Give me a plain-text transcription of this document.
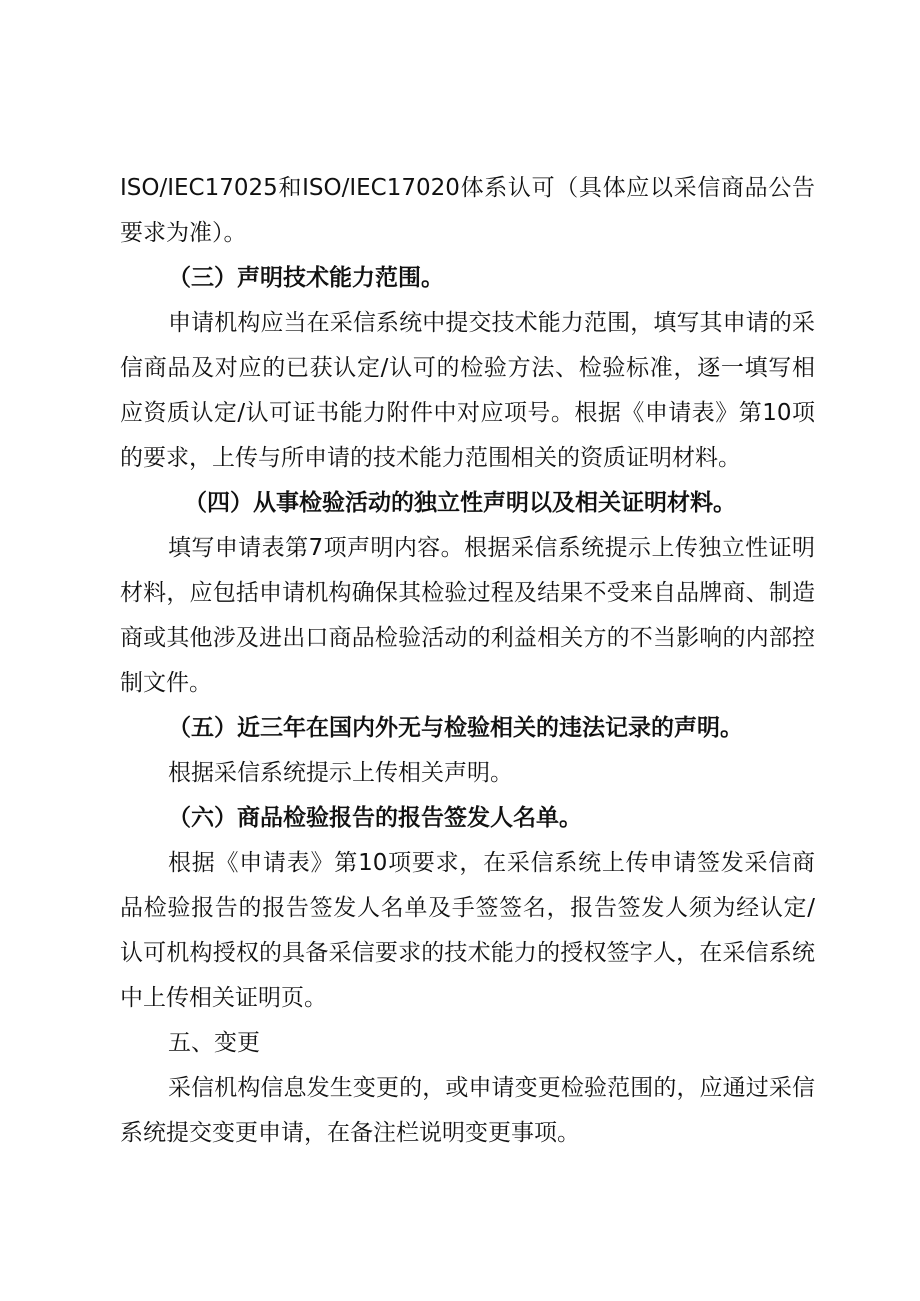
ISO/IEC17025和ISO/IEC17020体系认可（具体应以采信商品公告要求为准）。

（三）声明技术能力范围。

申请机构应当在采信系统中提交技术能力范围，填写其申请的采信商品及对应的已获认定/认可的检验方法、检验标准，逐一填写相应资质认定/认可证书能力附件中对应项号。根据《申请表》第10项的要求，上传与所申请的技术能力范围相关的资质证明材料。

（四）从事检验活动的独立性声明以及相关证明材料。

填写申请表第7项声明内容。根据采信系统提示上传独立性证明材料，应包括申请机构确保其检验过程及结果不受来自品牌商、制造商或其他涉及进出口商品检验活动的利益相关方的不当影响的内部控制文件。

（五）近三年在国内外无与检验相关的违法记录的声明。

根据采信系统提示上传相关声明。

（六）商品检验报告的报告签发人名单。

根据《申请表》第10项要求，在采信系统上传申请签发采信商品检验报告的报告签发人名单及手签签名，报告签发人须为经认定/认可机构授权的具备采信要求的技术能力的授权签字人，在采信系统中上传相关证明页。

五、变更

采信机构信息发生变更的，或申请变更检验范围的，应通过采信系统提交变更申请，在备注栏说明变更事项。
